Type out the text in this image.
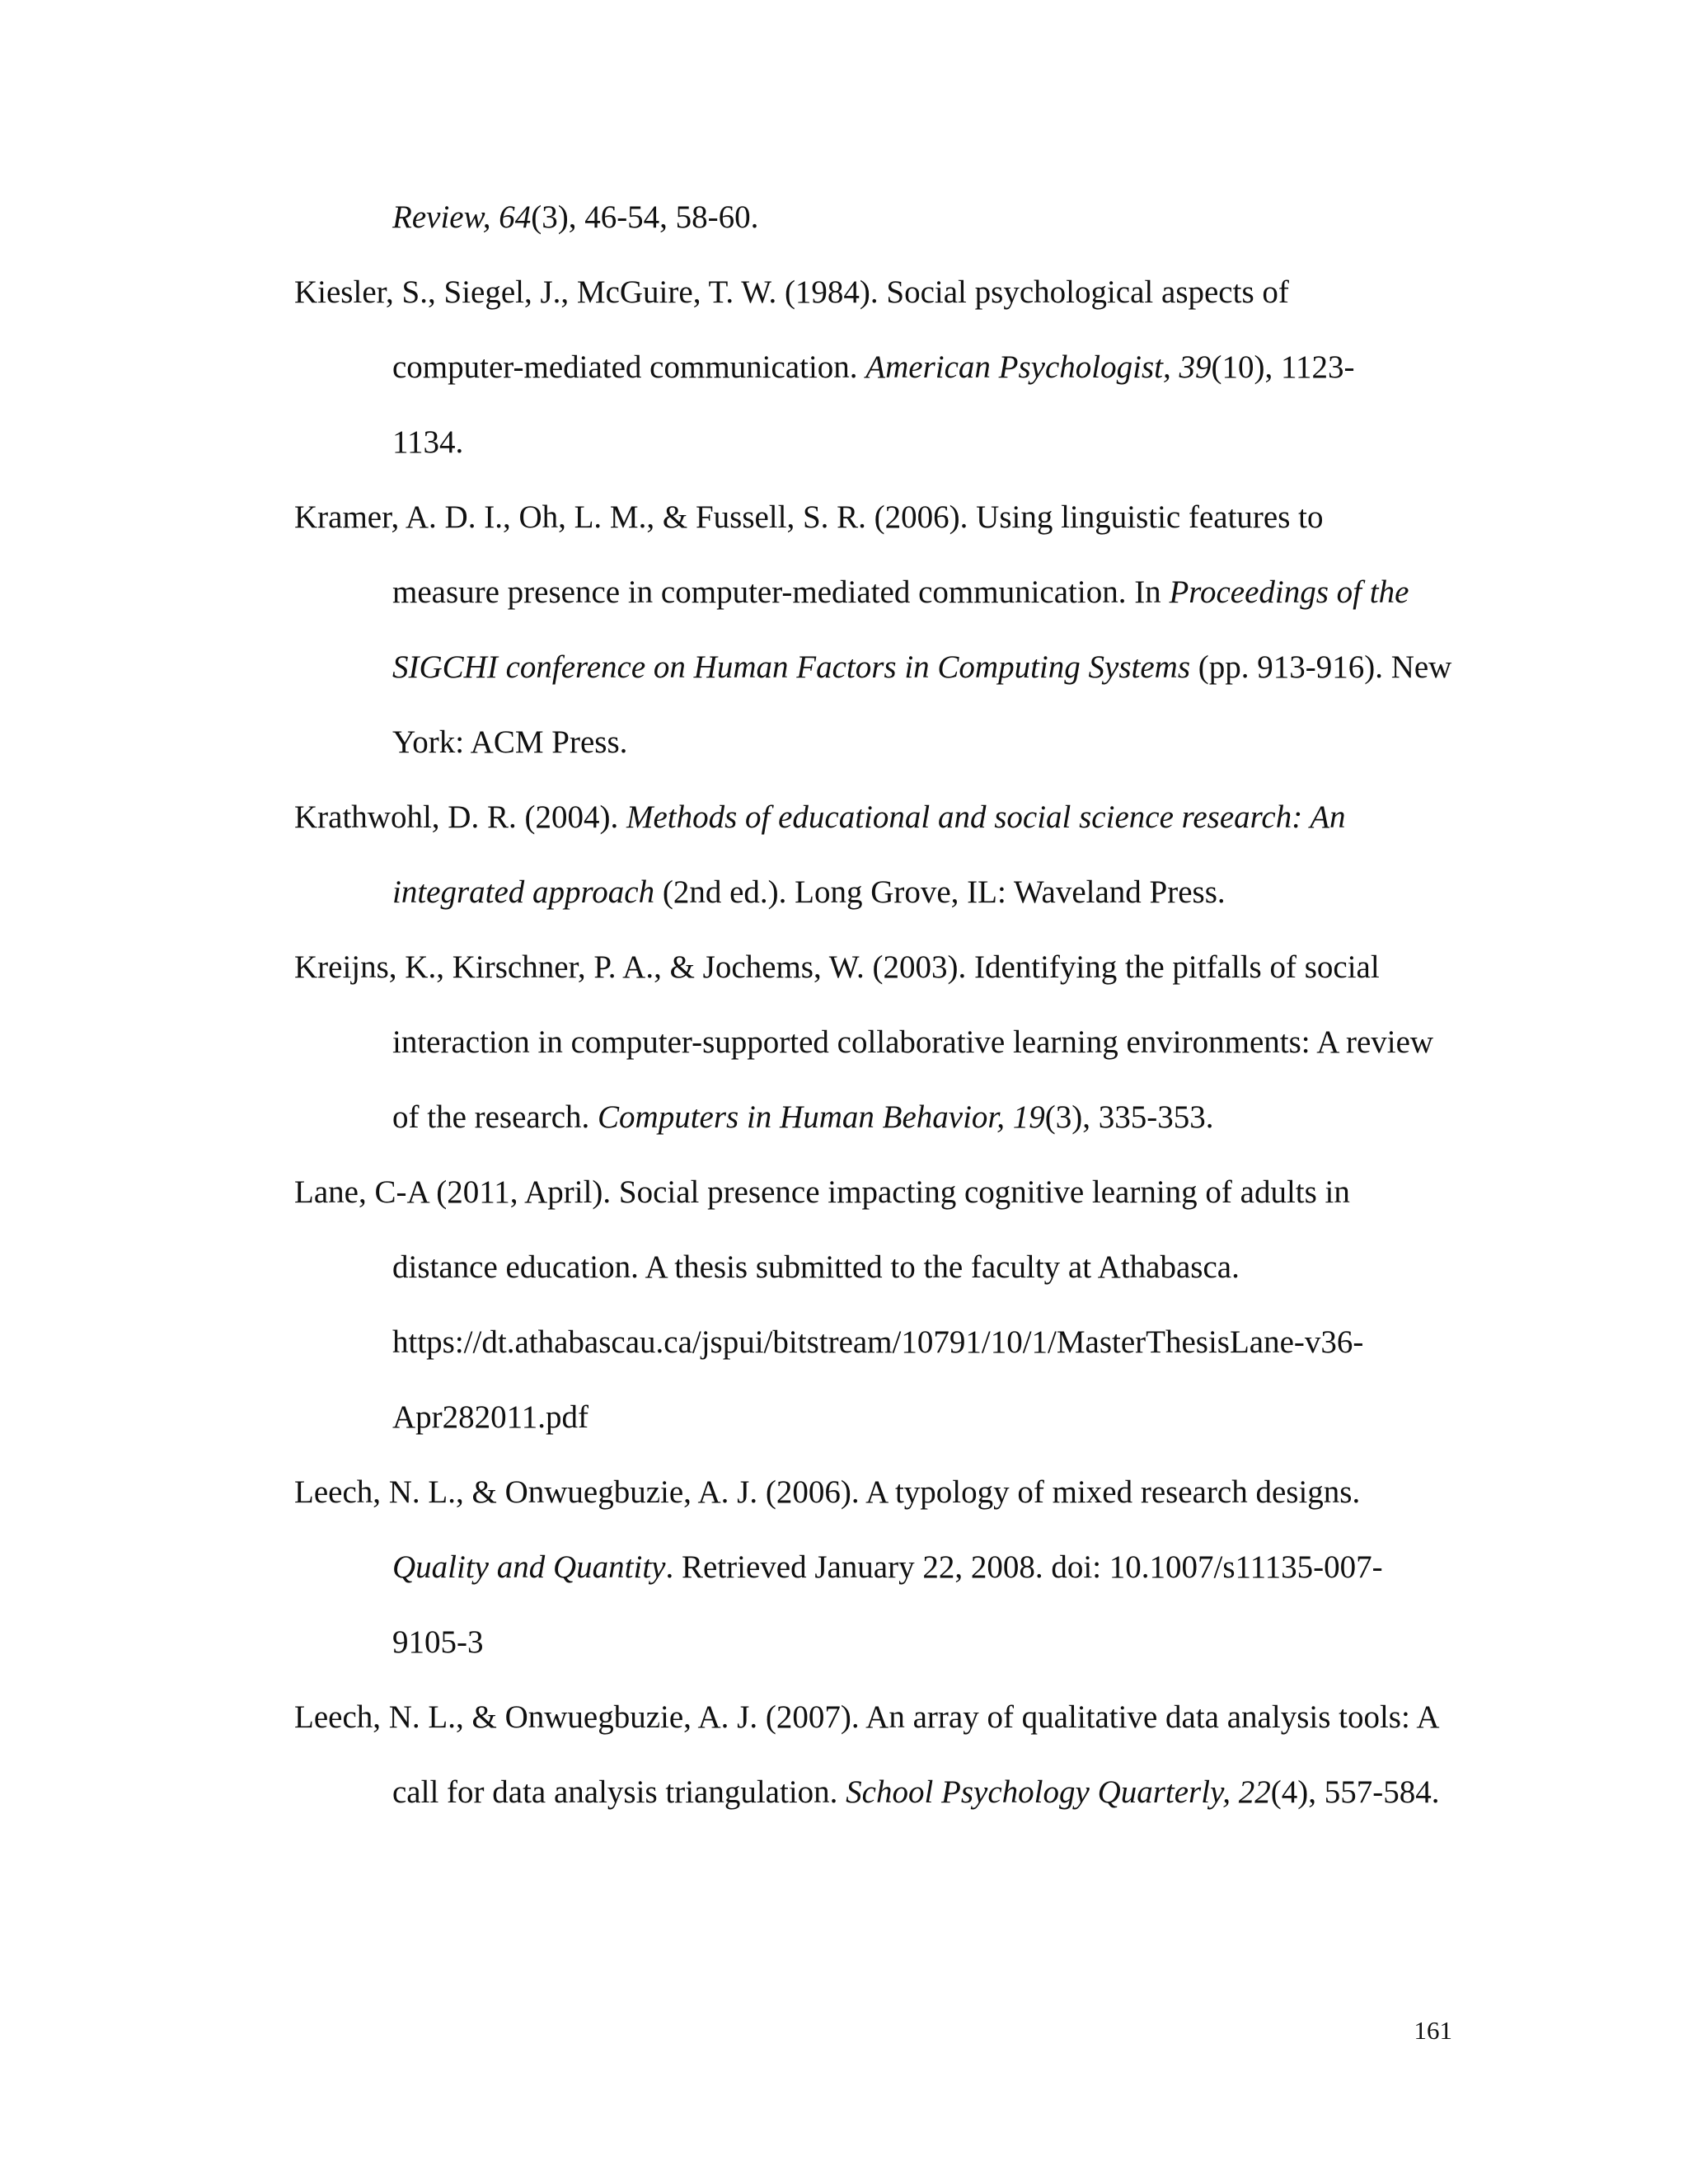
Review, 64(3), 46-54, 58-60.
Kiesler, S., Siegel, J., McGuire, T. W. (1984). Social psychological aspects of
computer-mediated communication. American Psychologist, 39(10), 1123-
1134.
Kramer, A. D. I., Oh, L. M., & Fussell, S. R. (2006). Using linguistic features to
measure presence in computer-mediated communication. In Proceedings of the
SIGCHI conference on Human Factors in Computing Systems (pp. 913-916). New
York: ACM Press.
Krathwohl, D. R. (2004). Methods of educational and social science research: An
integrated approach (2nd ed.). Long Grove, IL: Waveland Press.
Kreijns, K., Kirschner, P. A., & Jochems, W. (2003). Identifying the pitfalls of social
interaction in computer-supported collaborative learning environments: A review
of the research. Computers in Human Behavior, 19(3), 335-353.
Lane, C-A (2011, April). Social presence impacting cognitive learning of adults in
distance education. A thesis submitted to the faculty at Athabasca.
https://dt.athabascau.ca/jspui/bitstream/10791/10/1/MasterThesisLane-v36-
Apr282011.pdf
Leech, N. L., & Onwuegbuzie, A. J. (2006). A typology of mixed research designs.
Quality and Quantity. Retrieved January 22, 2008. doi: 10.1007/s11135-007-
9105-3
Leech, N. L., & Onwuegbuzie, A. J. (2007). An array of qualitative data analysis tools: A
call for data analysis triangulation. School Psychology Quarterly, 22(4), 557-584.
161
